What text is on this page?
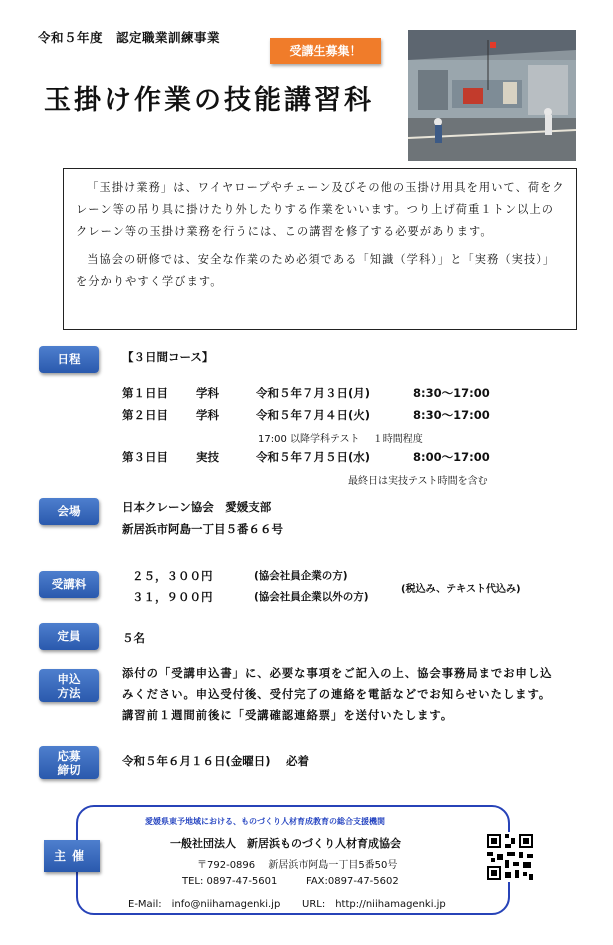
令和５年度　認定職業訓練事業
受講生募集！
玉掛け作業の技能講習科

「玉掛け業務」は、ワイヤロープやチェーン及びその他の玉掛け用具を用いて、荷をクレーン等の吊り具に掛けたり外したりする作業をいいます。つり上げ荷重１トン以上のクレーン等の玉掛け業務を行うには、この講習を修了する必要があります。

当協会の研修では、安全な作業のため必須である「知識（学科）」と「実務（実技）」を分かりやすく学びます。

日程	【３日間コース】
第１日目 学科	令和５年７月３日(月)	8:30～17:00
第２日目 学科	令和５年７月４日(火)	8:30～17:00
17:00 以降学科テスト　 １時間程度
第３日目 実技	令和５年７月５日(水)	8:00～17:00
最終日は実技テスト時間を含む
会場	日本クレーン協会　愛媛支部
新居浜市阿島一丁目５番６６号
受講料
２５，３００円	(協会社員企業の方)
３１，９００円	(協会社員企業以外の方)
(税込み、テキスト代込み)
定員	５名
申込
方法
添付の「受講申込書」に、必要な事項をご記入の上、協会事務局までお申し込みください。申込受付後、受付完了の連絡を電話などでお知らせいたします。講習前１週間前後に「受講確認連絡票」を送付いたします。
応募
締切
令和５年６月１６日(金曜日)　 必着
主催
愛媛県東予地域における、ものづくり人材育成教育の総合支援機関
一般社団法人　新居浜ものづくり人材育成協会
〒792-0896　 新居浜市阿島一丁目5番50号
TEL: 0897-47-5601	FAX:0897-47-5602
E-Mail:　info@niihamagenki.jp URL:　http://niihamagenki.jp
